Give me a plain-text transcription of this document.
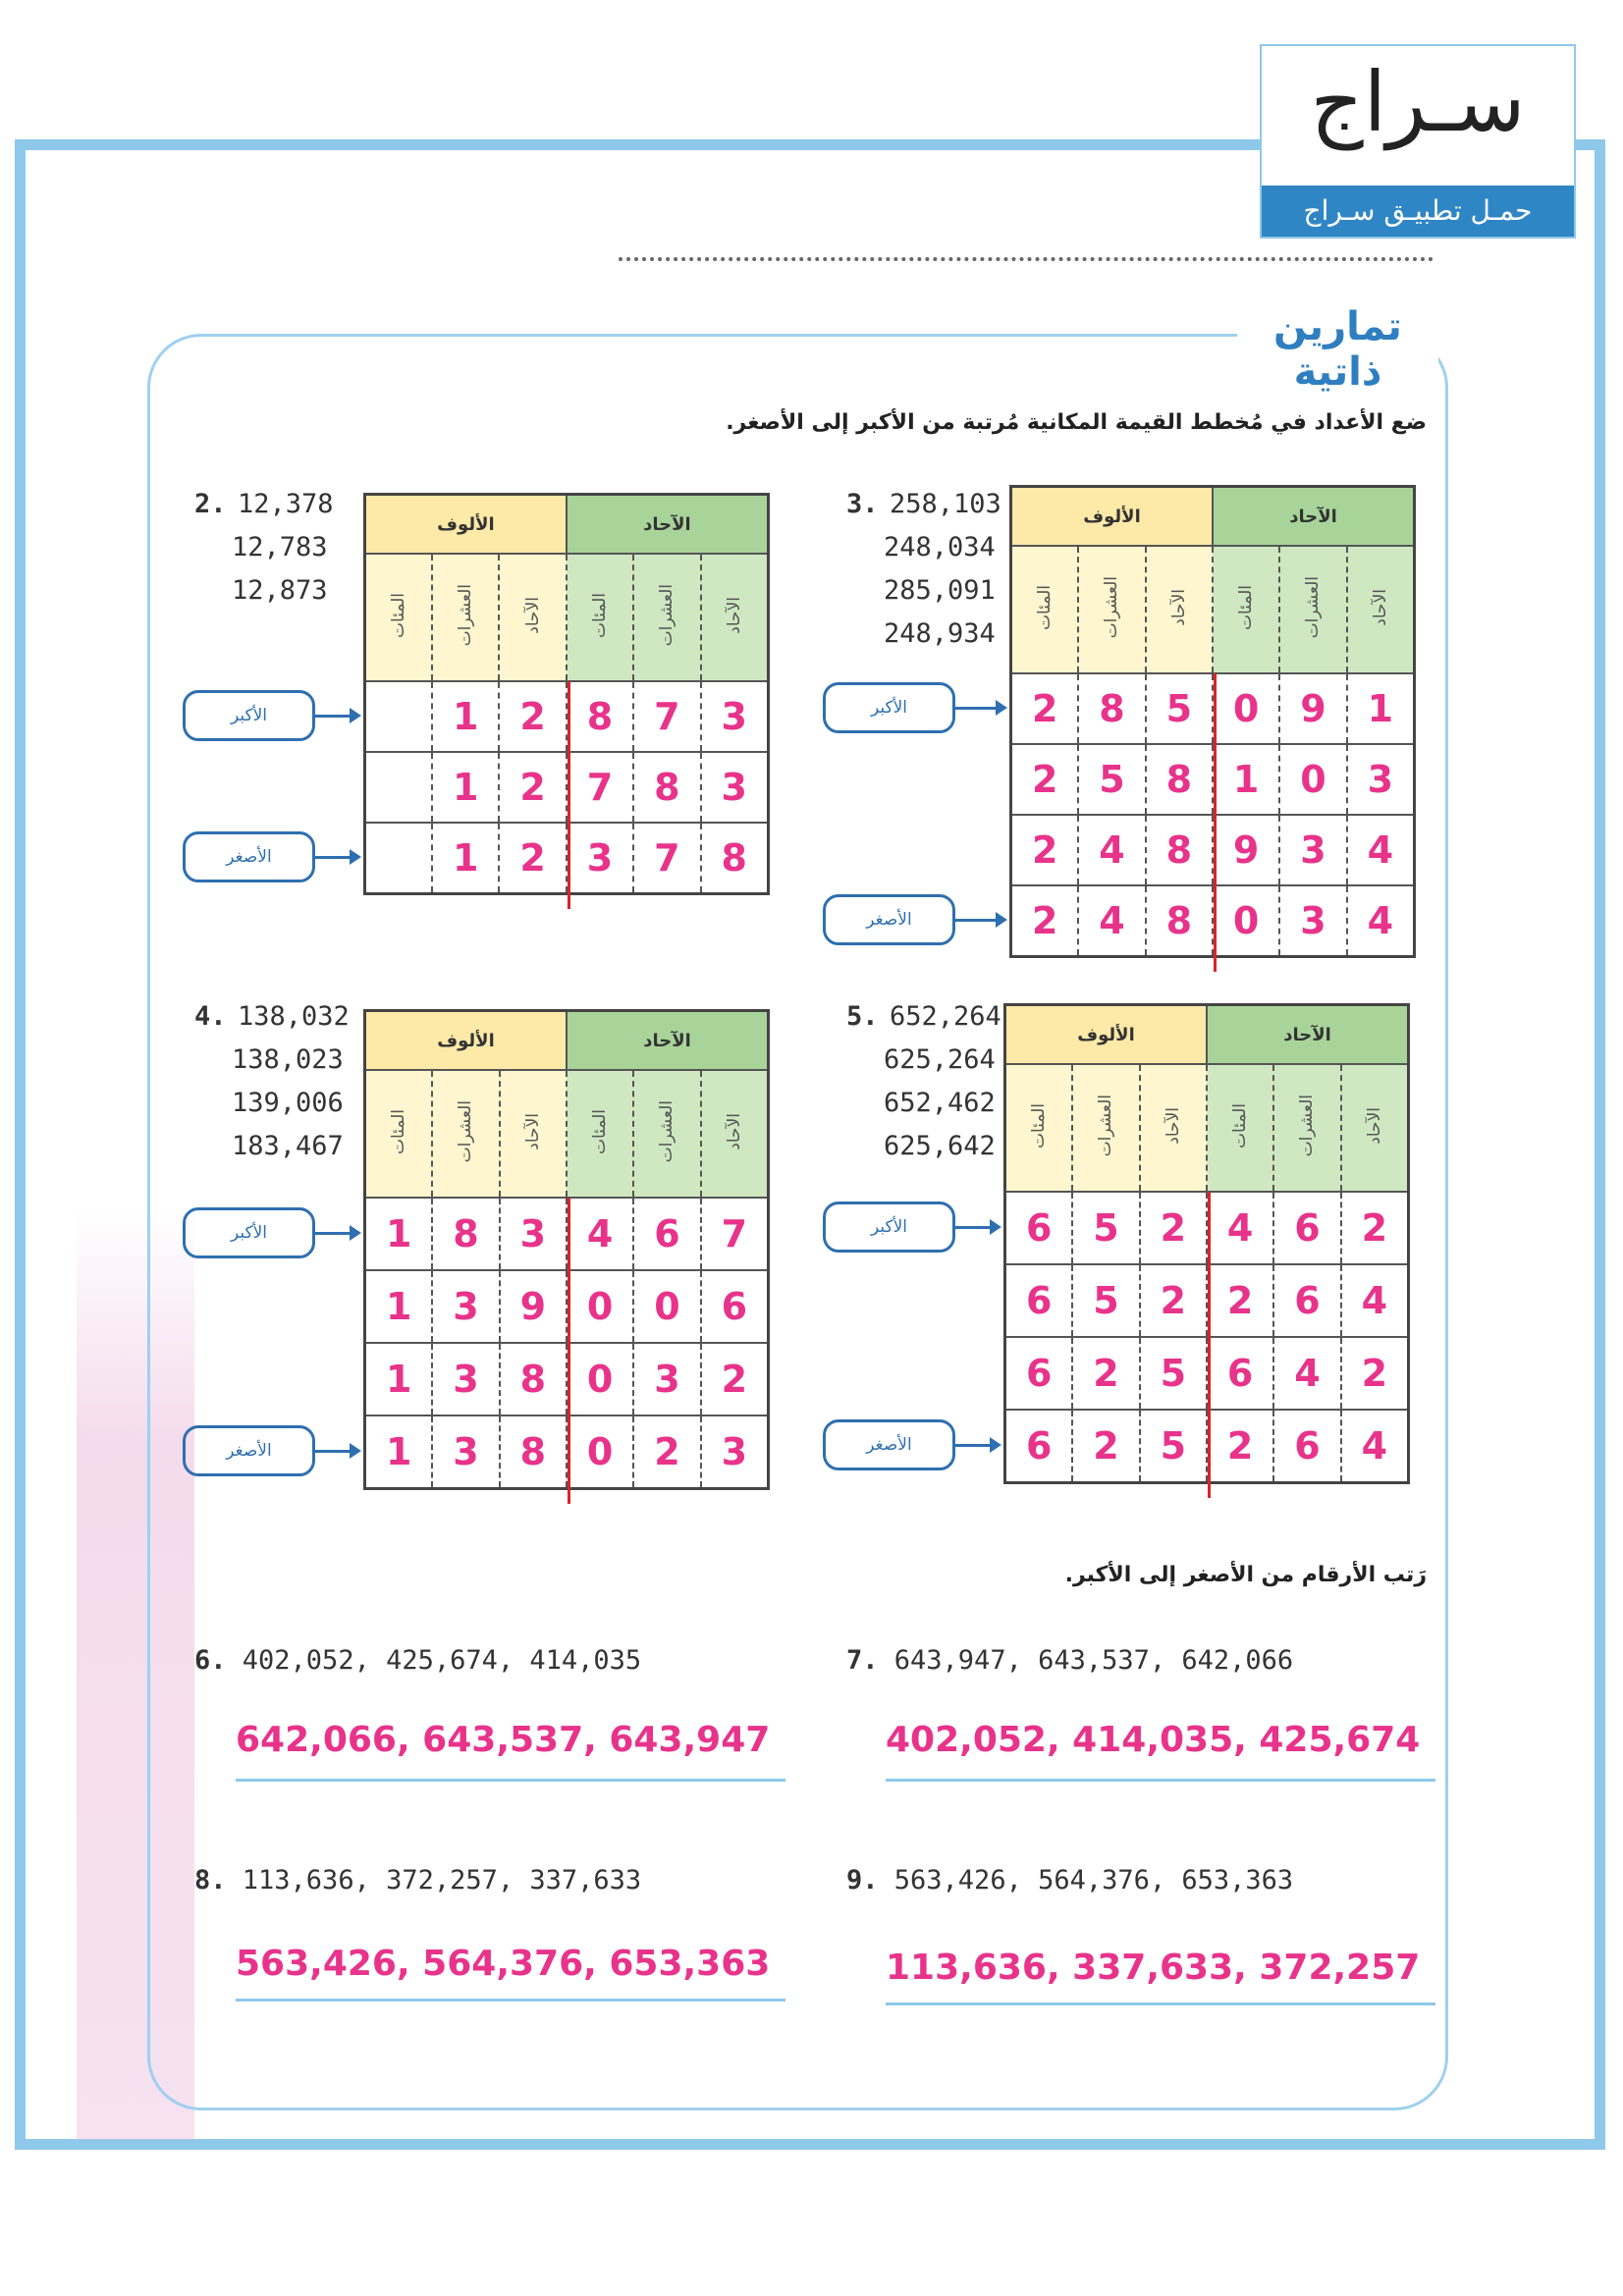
سـراج
حمـل تطبيـق سـراج
تمارين ذاتية
ضع الأعداد في مُخطط القيمة المكانية مُرتبة من الأكبر إلى الأصغر.
2. 12,378
12,783
12,873
الألوف			الآحاد		
المئات	العشرات	الآحاد	المئات	العشرات	الآحاد
	1	2	8	7	3
	1	2	7	8	3
	1	2	3	7	8
الأكبر
الأصغر
3. 258,103
248,034
285,091
248,934
الألوف			الآحاد		
المئات	العشرات	الآحاد	المئات	العشرات	الآحاد
2	8	5	0	9	1
2	5	8	1	0	3
2	4	8	9	3	4
2	4	8	0	3	4
الأكبر
الأصغر
4. 138,032
138,023
139,006
183,467
الألوف			الآحاد		
المئات	العشرات	الآحاد	المئات	العشرات	الآحاد
1	8	3	4	6	7
1	3	9	0	0	6
1	3	8	0	3	2
1	3	8	0	2	3
الأكبر
الأصغر
5. 652,264
625,264
652,462
625,642
الألوف			الآحاد		
المئات	العشرات	الآحاد	المئات	العشرات	الآحاد
6	5	2	4	6	2
6	5	2	2	6	4
6	2	5	6	4	2
6	2	5	2	6	4
الأكبر
الأصغر
رَتب الأرقام من الأصغر إلى الأكبر.
6. 402,052, 425,674, 414,035
642,066, 643,537, 643,947
7. 643,947, 643,537, 642,066
402,052, 414,035, 425,674
8. 113,636, 372,257, 337,633
563,426, 564,376, 653,363
9. 563,426, 564,376, 653,363
113,636, 337,633, 372,257
